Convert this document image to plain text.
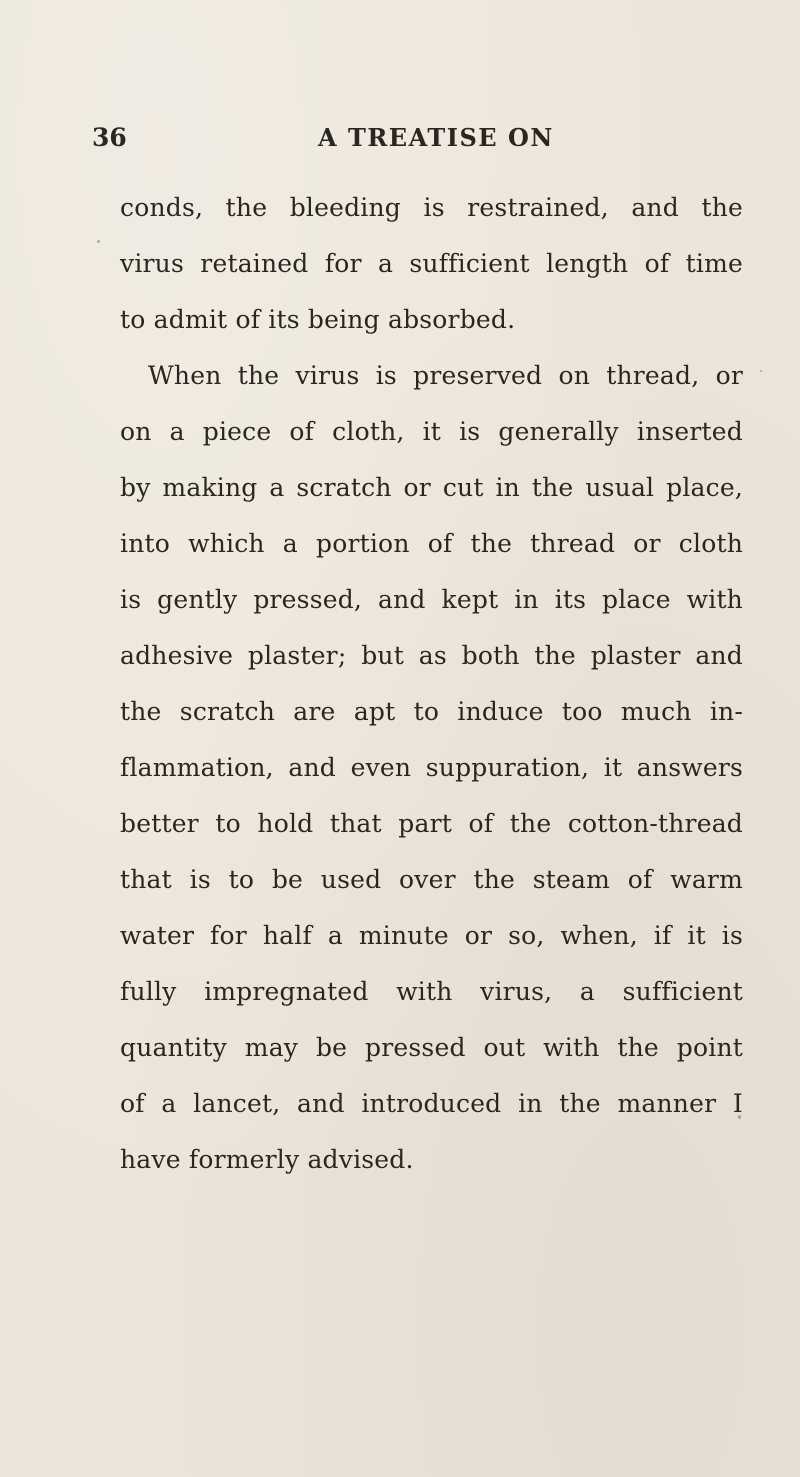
36	A TREATISE ON
conds, the bleeding is restrained, and the
virus retained for a sufficient length of time
to admit of its being absorbed.
When the virus is preserved on thread, or
on a piece of cloth, it is generally inserted
by making a scratch or cut in the usual place,
into which a portion of the thread or cloth
is gently pressed, and kept in its place with
adhesive plaster; but as both the plaster and
the scratch are apt to induce too much in-
flammation, and even suppuration, it answers
better to hold that part of the cotton-thread
that is to be used over the steam of warm
water for half a minute or so, when, if it is
fully impregnated with virus, a sufficient
quantity may be pressed out with the point
of a lancet, and introduced in the manner I
have formerly advised.
